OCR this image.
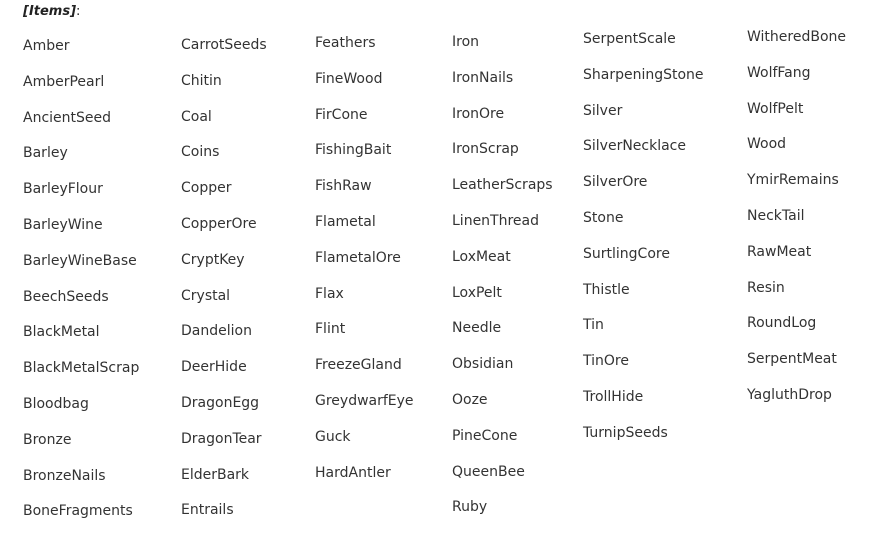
[Items]:
Amber
AmberPearl
AncientSeed
Barley
BarleyFlour
BarleyWine
BarleyWineBase
BeechSeeds
BlackMetal
BlackMetalScrap
Bloodbag
Bronze
BronzeNails
BoneFragments
CarrotSeeds
Chitin
Coal
Coins
Copper
CopperOre
CryptKey
Crystal
Dandelion
DeerHide
DragonEgg
DragonTear
ElderBark
Entrails
Feathers
FineWood
FirCone
FishingBait
FishRaw
Flametal
FlametalOre
Flax
Flint
FreezeGland
GreydwarfEye
Guck
HardAntler
Iron
IronNails
IronOre
IronScrap
LeatherScraps
LinenThread
LoxMeat
LoxPelt
Needle
Obsidian
Ooze
PineCone
QueenBee
Ruby
SerpentScale
SharpeningStone
Silver
SilverNecklace
SilverOre
Stone
SurtlingCore
Thistle
Tin
TinOre
TrollHide
TurnipSeeds
WitheredBone
WolfFang
WolfPelt
Wood
YmirRemains
NeckTail
RawMeat
Resin
RoundLog
SerpentMeat
YagluthDrop
